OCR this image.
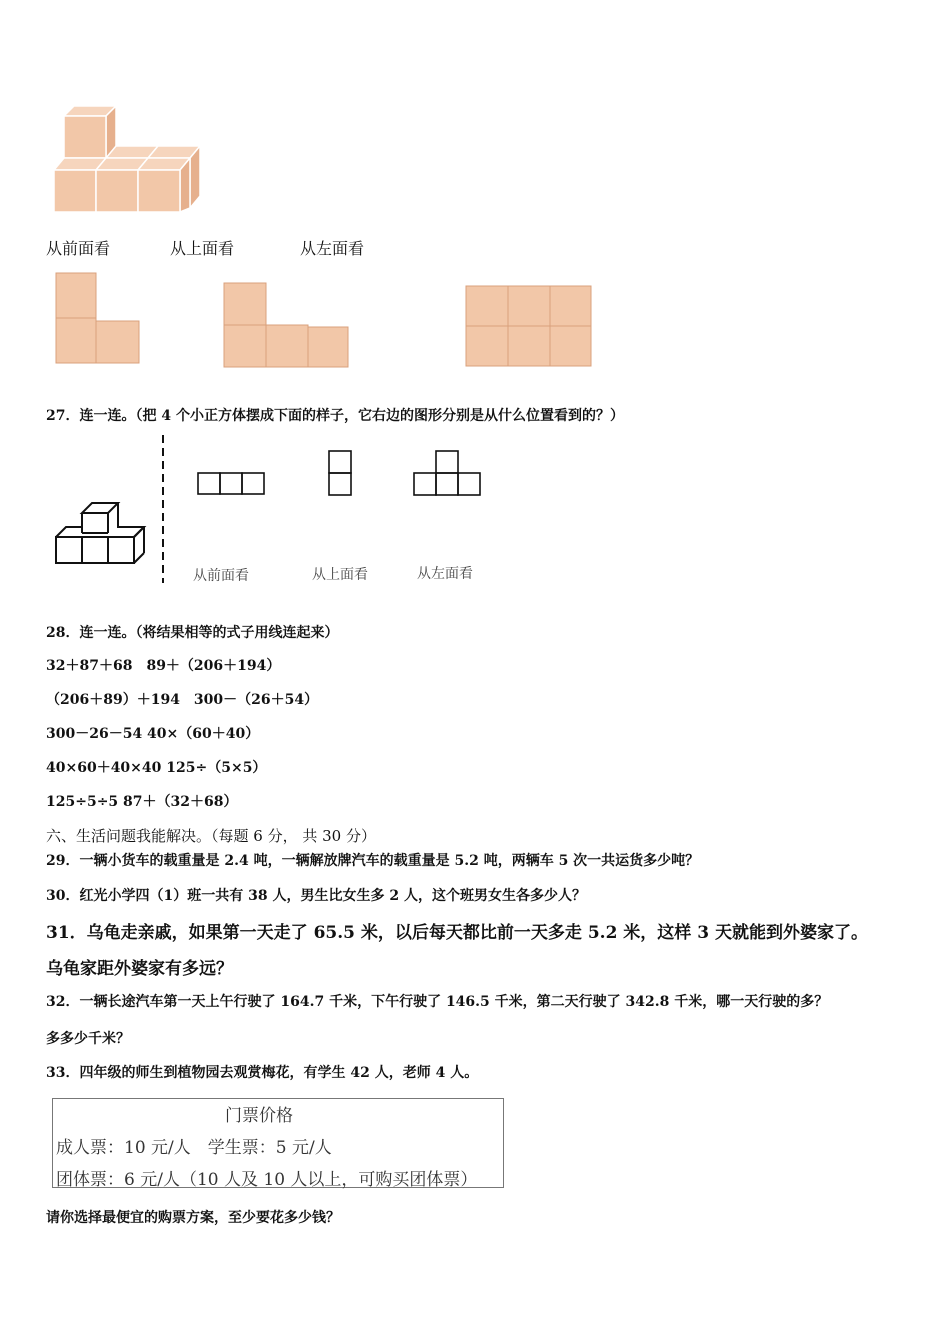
从前面看	从上面看	从左面看
27．连一连。（把 4 个小正方体摆成下面的样子，它右边的图形分别是从什么位置看到的？）
从前面看	从上面看	从左面看
28．连一连。（将结果相等的式子用线连起来）
32＋87＋68　89＋（206＋194）
（206＋89）＋194　300－（26＋54）
300－26－54 40×（60＋40）
40×60＋40×40 125÷（5×5）
125÷5÷5 87＋（32＋68）
六、生活问题我能解决。（每题 6 分， 共 30 分）
29．一辆小货车的载重量是 2.4 吨，一辆解放牌汽车的载重量是 5.2 吨，两辆车 5 次一共运货多少吨？
30．红光小学四（1）班一共有 38 人，男生比女生多 2 人，这个班男女生各多少人？
31．乌龟走亲戚，如果第一天走了 65.5 米，以后每天都比前一天多走 5.2 米，这样 3 天就能到外婆家了。
乌龟家距外婆家有多远？
32．一辆长途汽车第一天上午行驶了 164.7 千米，下午行驶了 146.5 千米，第二天行驶了 342.8 千米，哪一天行驶的多？
多多少千米？
33．四年级的师生到植物园去观赏梅花，有学生 42 人，老师 4 人。
门票价格
成人票：10 元/人　学生票：5 元/人
团体票：6 元/人（10 人及 10 人以上，可购买团体票）
请你选择最便宜的购票方案，至少要花多少钱？
